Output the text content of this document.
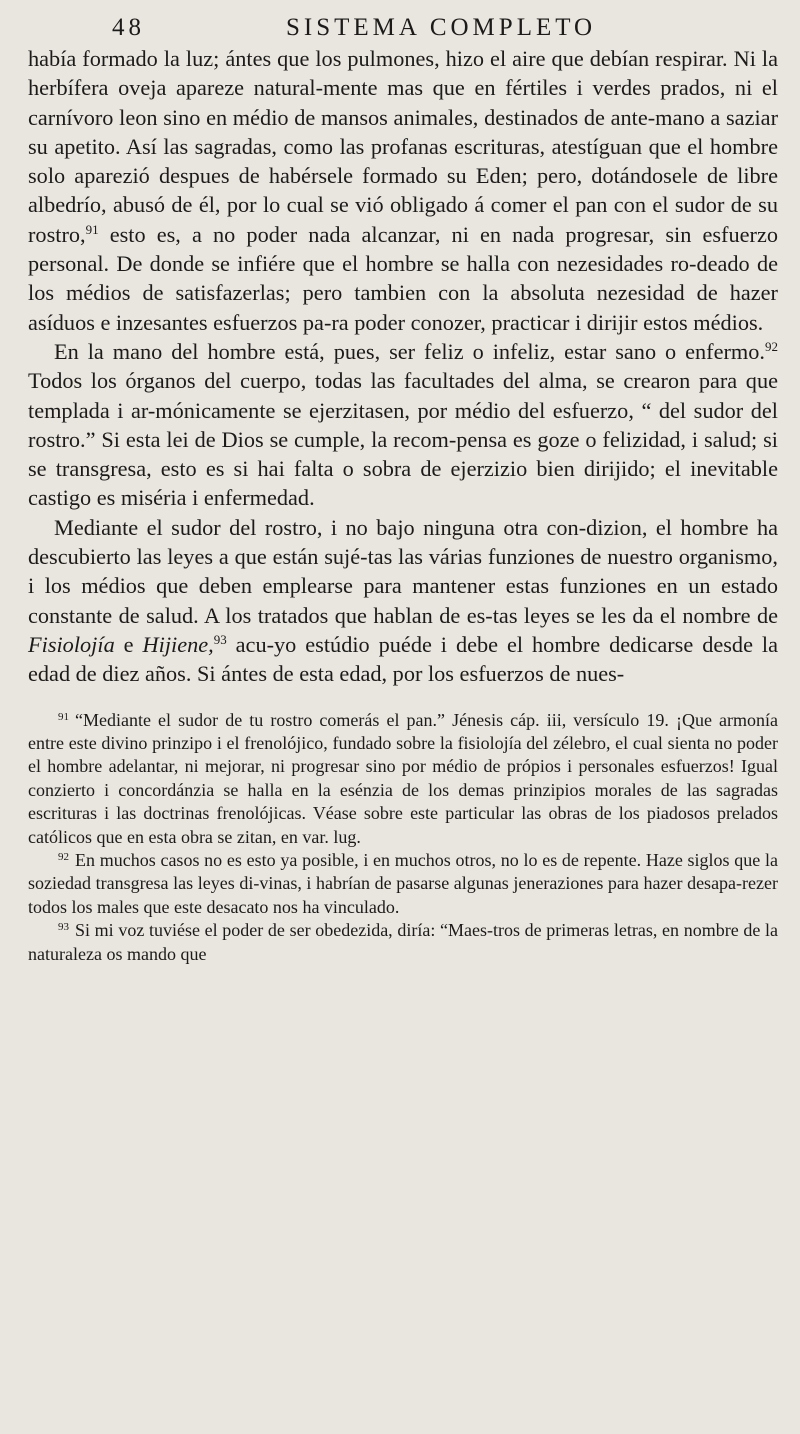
48	SISTEMA COMPLETO

había formado la luz; ántes que los pulmones, hizo el aire que debían respirar. Ni la herbífera oveja apareze natural-mente mas que en fértiles i verdes prados, ni el carnívoro leon sino en médio de mansos animales, destinados de ante-mano a saziar su apetito. Así las sagradas, como las profanas escrituras, atestíguan que el hombre solo aparezió despues de habérsele formado su Eden; pero, dotándosele de libre albedrío, abusó de él, por lo cual se vió obligado á comer el pan con el sudor de su rostro,$^{91}$ esto es, a no poder nada alcanzar, ni en nada progresar, sin esfuerzo personal. De donde se infiére que el hombre se halla con nezesidades ro-deado de los médios de satisfazerlas; pero tambien con la absoluta nezesidad de hazer asíduos e inzesantes esfuerzos pa-ra poder conozer, practicar i dirijir estos médios.

En la mano del hombre está, pues, ser feliz o infeliz, estar sano o enfermo.$^{92}$ Todos los órganos del cuerpo, todas las facultades del alma, se crearon para que templada i ar-mónicamente se ejerzitasen, por médio del esfuerzo, “ del sudor del rostro.” Si esta lei de Dios se cumple, la recom-pensa es goze o felizidad, i salud; si se transgresa, esto es si hai falta o sobra de ejerzizio bien dirijido; el inevitable castigo es miséria i enfermedad.

Mediante el sudor del rostro, i no bajo ninguna otra con-dizion, el hombre ha descubierto las leyes a que están sujé-tas las várias funziones de nuestro organismo, i los médios que deben emplearse para mantener estas funziones en un estado constante de salud. A los tratados que hablan de es-tas leyes se les da el nombre de Fisiolojía e Hijiene,$^{93}$ acu-yo estúdio puéde i debe el hombre dedicarse desde la edad de diez años. Si ántes de esta edad, por los esfuerzos de nues-

$^{91}$ “Mediante el sudor de tu rostro comerás el pan.” Jénesis cáp. iii, versículo 19. ¡Que armonía entre este divino prinzipo i el frenolójico, fundado sobre la fisiolojía del zélebro, el cual sienta no poder el hombre adelantar, ni mejorar, ni progresar sino por médio de própios i personales esfuerzos! Igual conzierto i concordánzia se halla en la esénzia de los demas prinzipios morales de las sagradas escrituras i las doctrinas frenolójicas. Véase sobre este particular las obras de los piadosos prelados católicos que en esta obra se zitan, en var. lug.

$^{92}$ En muchos casos no es esto ya posible, i en muchos otros, no lo es de repente. Haze siglos que la soziedad transgresa las leyes di-vinas, i habrían de pasarse algunas jeneraziones para hazer desapa-rezer todos los males que este desacato nos ha vinculado.

$^{93}$ Si mi voz tuviése el poder de ser obedezida, diría: “Maes-tros de primeras letras, en nombre de la naturaleza os mando que
